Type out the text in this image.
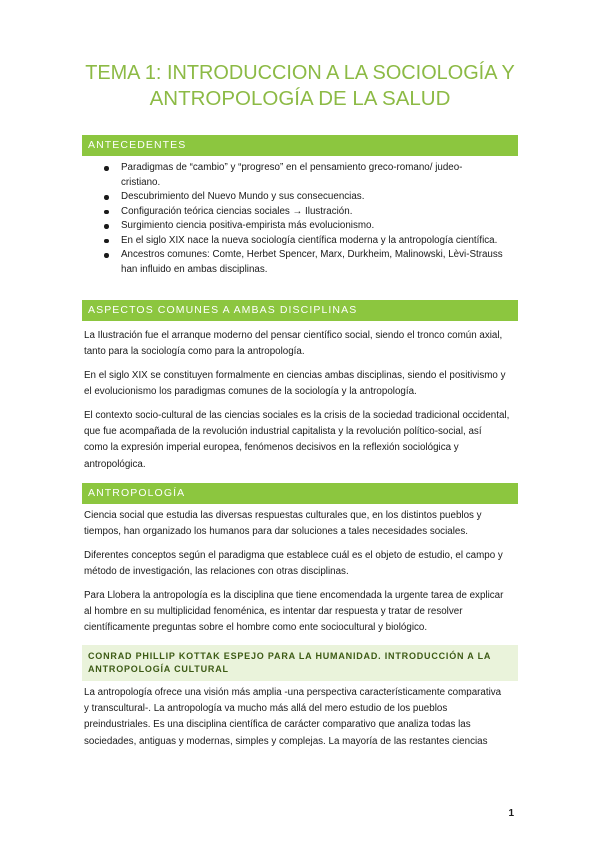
TEMA 1: INTRODUCCION A LA SOCIOLOGÍA Y
ANTROPOLOGÍA DE LA SALUD
ANTECEDENTES
Paradigmas de “cambio” y “progreso” en el pensamiento greco-romano/ judeo-
cristiano.
Descubrimiento del Nuevo Mundo y sus consecuencias.
Configuración teórica ciencias sociales → Ilustración.
Surgimiento ciencia positiva-empirista más evolucionismo.
En el siglo XIX nace la nueva sociología científica moderna y la antropología científica.
Ancestros comunes: Comte, Herbet Spencer, Marx, Durkheim, Malinowski, Lèvi-Strauss
han influido en ambas disciplinas.
ASPECTOS COMUNES A AMBAS DISCIPLINAS
La Ilustración fue el arranque moderno del pensar científico social, siendo el tronco común axial,
tanto para la sociología como para la antropología.
En el siglo XIX se constituyen formalmente en ciencias ambas disciplinas, siendo el positivismo y
el evolucionismo los paradigmas comunes de la sociología y la antropología.
El contexto socio-cultural de las ciencias sociales es la crisis de la sociedad tradicional occidental,
que fue acompañada de la revolución industrial capitalista y la revolución político-social, así
como la expresión imperial europea, fenómenos decisivos en la reflexión sociológica y
antropológica.
ANTROPOLOGÍA
Ciencia social que estudia las diversas respuestas culturales que, en los distintos pueblos y
tiempos, han organizado los humanos para dar soluciones a tales necesidades sociales.
Diferentes conceptos según el paradigma que establece cuál es el objeto de estudio, el campo y
método de investigación, las relaciones con otras disciplinas.
Para Llobera la antropología es la disciplina que tiene encomendada la urgente tarea de explicar
al hombre en su multiplicidad fenoménica, es intentar dar respuesta y tratar de resolver
científicamente preguntas sobre el hombre como ente sociocultural y biológico.
CONRAD PHILLIP KOTTAK ESPEJO PARA LA HUMANIDAD. INTRODUCCIÓN A LA
ANTROPOLOGÍA CULTURAL
La antropología ofrece una visión más amplia -una perspectiva característicamente comparativa
y transcultural-. La antropología va mucho más allá del mero estudio de los pueblos
preindustriales. Es una disciplina científica de carácter comparativo que analiza todas las
sociedades, antiguas y modernas, simples y complejas. La mayoría de las restantes ciencias
1
